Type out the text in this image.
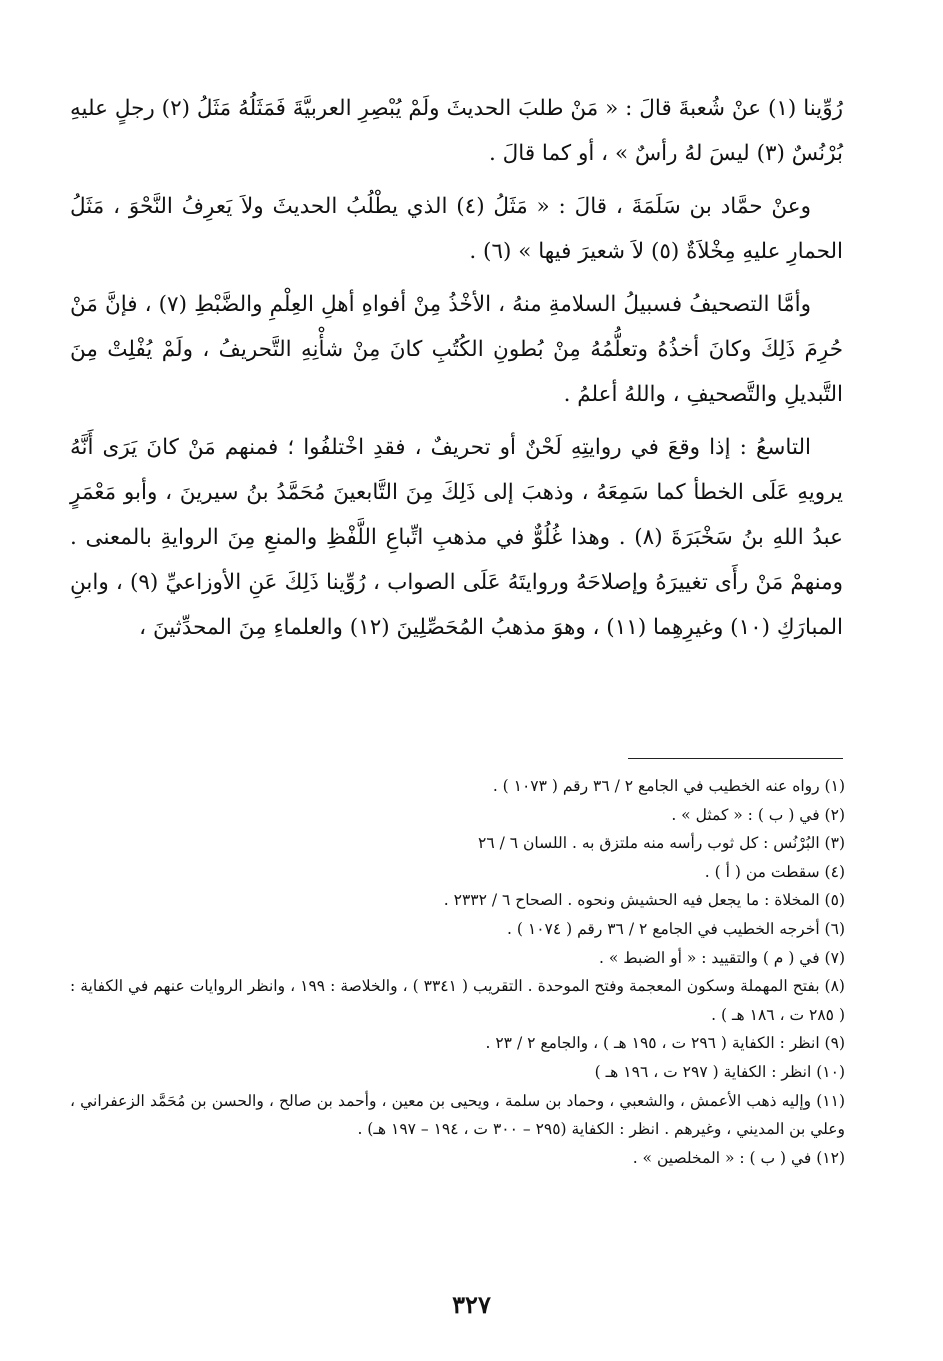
رُوِّينا (١) عنْ شُعبةَ قالَ : « مَنْ طلبَ الحديثَ ولَمْ يُبْصِرِ العربيَّةَ فَمَثَلُهُ مَثَلُ (٢) رجلٍ عليهِ بُرْنُسٌ (٣) ليسَ لهُ رأسٌ » ، أو كما قالَ .

وعنْ حمَّاد بن سَلَمَةَ ، قالَ : « مَثَلُ (٤) الذي يطْلُبُ الحديثَ ولاَ يَعرِفُ النَّحْوَ ، مَثَلُ الحمارِ عليهِ مِخْلاَةٌ (٥) لاَ شعيرَ فيها » (٦) .

وأمَّا التصحيفُ فسبيلُ السلامةِ منهُ ، الأخْذُ مِنْ أفواهِ أهلِ العِلْمِ والضَّبْطِ (٧) ، فإنَّ مَنْ حُرِمَ ذَلِكَ وكانَ أخذُهُ وتعلُّمُهُ مِنْ بُطونِ الكُتُبِ كانَ مِنْ شأْنِهِ التَّحريفُ ، ولَمْ يُفْلِتْ مِنَ التَّبديلِ والتَّصحيفِ ، واللهُ أعلمُ .

التاسعُ : إذا وقعَ في روايتِهِ لَحْنٌ أو تحريفٌ ، فقدِ اخْتلفُوا ؛ فمنهم مَنْ كانَ يَرَى أَنَّهُ يرويهِ عَلَى الخطأ كما سَمِعَهُ ، وذهبَ إلى ذَلِكَ مِنَ التَّابعينَ مُحَمَّدُ بنُ سيرينَ ، وأبو مَعْمَرٍ عبدُ اللهِ بنُ سَخْبَرَةَ (٨) . وهذا غُلُوٌّ في مذهبِ اتِّباعِ اللَّفْظِ والمنعِ مِنَ الروايةِ بالمعنى . ومنهمْ مَنْ رأَى تغييرَهُ وإصلاحَهُ وروايتَهُ عَلَى الصواب ، رُوِّينا ذَلِكَ عَنِ الأوزاعيِّ (٩) ، وابنِ المبارَكِ (١٠) وغيرِهِما (١١) ، وهوَ مذهبُ المُحَصِّلِينَ (١٢) والعلماءِ مِنَ المحدِّثينَ ،

(١) رواه عنه الخطيب في الجامع ٢ / ٣٦ رقم ( ١٠٧٣ ) .

(٢) في ( ب ) : « كمثل » .

(٣) البُرْنُس : كل ثوب رأسه منه ملتزق به . اللسان ٦ / ٢٦

(٤) سقطت من ( أ ) .

(٥) المخلاة : ما يجعل فيه الحشيش ونحوه . الصحاح ٦ / ٢٣٣٢ .

(٦) أخرجه الخطيب في الجامع ٢ / ٣٦ رقم ( ١٠٧٤ ) .

(٧) في ( م ) والتقييد : « أو الضبط » .

(٨) بفتح المهملة وسكون المعجمة وفتح الموحدة . التقريب ( ٣٣٤١ ) ، والخلاصة : ١٩٩ ، وانظر الروايات عنهم في الكفاية : ( ٢٨٥ ت ، ١٨٦ هـ ) .

(٩) انظر : الكفاية ( ٢٩٦ ت ، ١٩٥ هـ ) ، والجامع ٢ / ٢٣ .

(١٠) انظر : الكفاية ( ٢٩٧ ت ، ١٩٦ هـ )

(١١) وإليه ذهب الأعمش ، والشعبي ، وحماد بن سلمة ، ويحيى بن معين ، وأحمد بن صالح ، والحسن بن مُحَمَّد الزعفراني ، وعلي بن المديني ، وغيرهم . انظر : الكفاية (٢٩٥ – ٣٠٠ ت ، ١٩٤ – ١٩٧ هـ) .

(١٢) في ( ب ) : « المخلصين » .

٣٢٧
